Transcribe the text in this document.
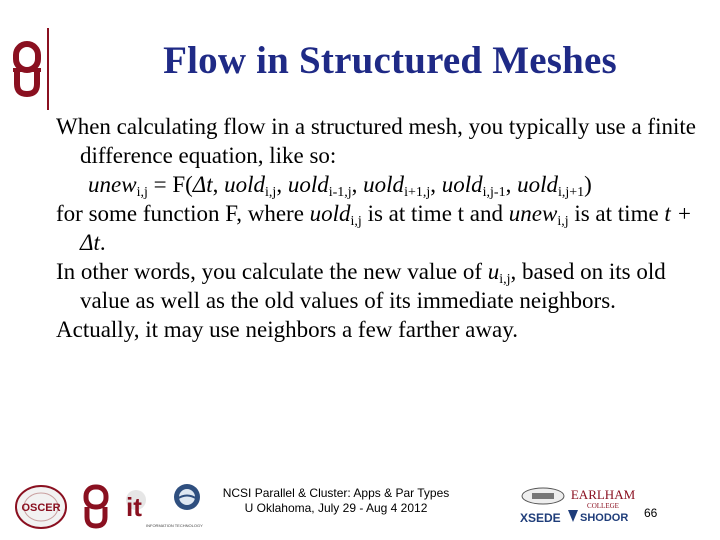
Flow in Structured Meshes

When calculating flow in a structured mesh, you typically use a finite difference equation, like so:

unew$_{i,j}$ = F(Δt, uold$_{i,j}$, uold$_{i-1,j}$, uold$_{i+1,j}$, uold$_{i,j-1}$, uold$_{i,j+1}$)

for some function F, where uold$_{i,j}$ is at time t and unew$_{i,j}$ is at time t + Δt.

In other words, you calculate the new value of $u_{i,j}$, based on its old value as well as the old values of its immediate neighbors.

Actually, it may use neighbors a few farther away.

OSCER	it
INFORMATION TECHNOLOGY
NCSI Parallel & Cluster: Apps & Par Types
U Oklahoma, July 29 - Aug 4 2012
XSEDE
EARLHAM
COLLEGE
SHODOR 66
